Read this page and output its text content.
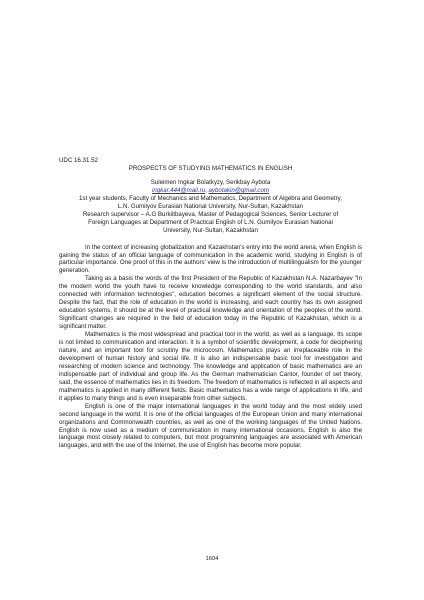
UDC 16.31.52

PROSPECTS OF STUDYING MATHEMATICS IN ENGLISH

Suleimen Ingkar Bolatkyzy, Serikbay Aybota

ingkar.444@mail.ru, aybotakin@gmail.com

1st year students, Faculty of Mechanics and Mathematics, Department of Algebra and Geometry,

L.N. Gumilyov Eurasian National University, Nur-Sultan, Kazakhstan

Research supervisor – A.G Burkiitbayeva, Master of Pedagogical Sciences, Senior Lecturer of

Foreign Languages at Department of Practical English of L.N. Gumilyov Eurasian National

University, Nur-Sultan, Kazakhstan

In the context of increasing globalization and Kazakhstan's entry into the world arena, when English is gaining the status of an official language of communication in the academic world, studying in English is of particular importance. One proof of this in the authors' view is the introduction of multilingualism for the younger generation.

Taking as a basis the words of the first President of the Republic of Kazakhstan N.A. Nazarbayev "In the modern world the youth have to receive knowledge corresponding to the world standards, and also connected with information technologies", education becomes a significant element of the social structure. Despite the fact, that the role of education in the world is increasing, and each country has its own assigned education systems, it should be at the level of practical knowledge and orientation of the peoples of the world. Significant changes are required in the field of education today in the Republic of Kazakhstan, which is a significant matter.

Mathematics is the most widespread and practical tool in the world, as well as a language. Its scope is not limited to communication and interaction. It is a symbol of scientific development, a code for deciphering nature, and an important tool for scrutiny the microcosm. Mathematics plays an irreplaceable role in the development of human history and social life. It is also an indispensable basic tool for investigation and researching of modern science and technology. The knowledge and application of basic mathematics are an indispensable part of individual and group life. As the German mathematician Cantor, founder of set theory, said, the essence of mathematics lies in its freedom. The freedom of mathematics is reflected in all aspects and mathematics is applied in many different fields. Basic mathematics has a wide range of applications in life, and it applies to many things and is even inseparable from other subjects.

English is one of the major international languages in the world today and the most widely used second language in the world. It is one of the official languages of the European Union and many international organizations and Commonwealth countries, as well as one of the working languages of the United Nations. English is now used as a medium of communication in many international occasions. English is also the language most closely related to computers, but most programming languages are associated with American languages, and with the use of the Internet, the use of English has become more popular.

1604
